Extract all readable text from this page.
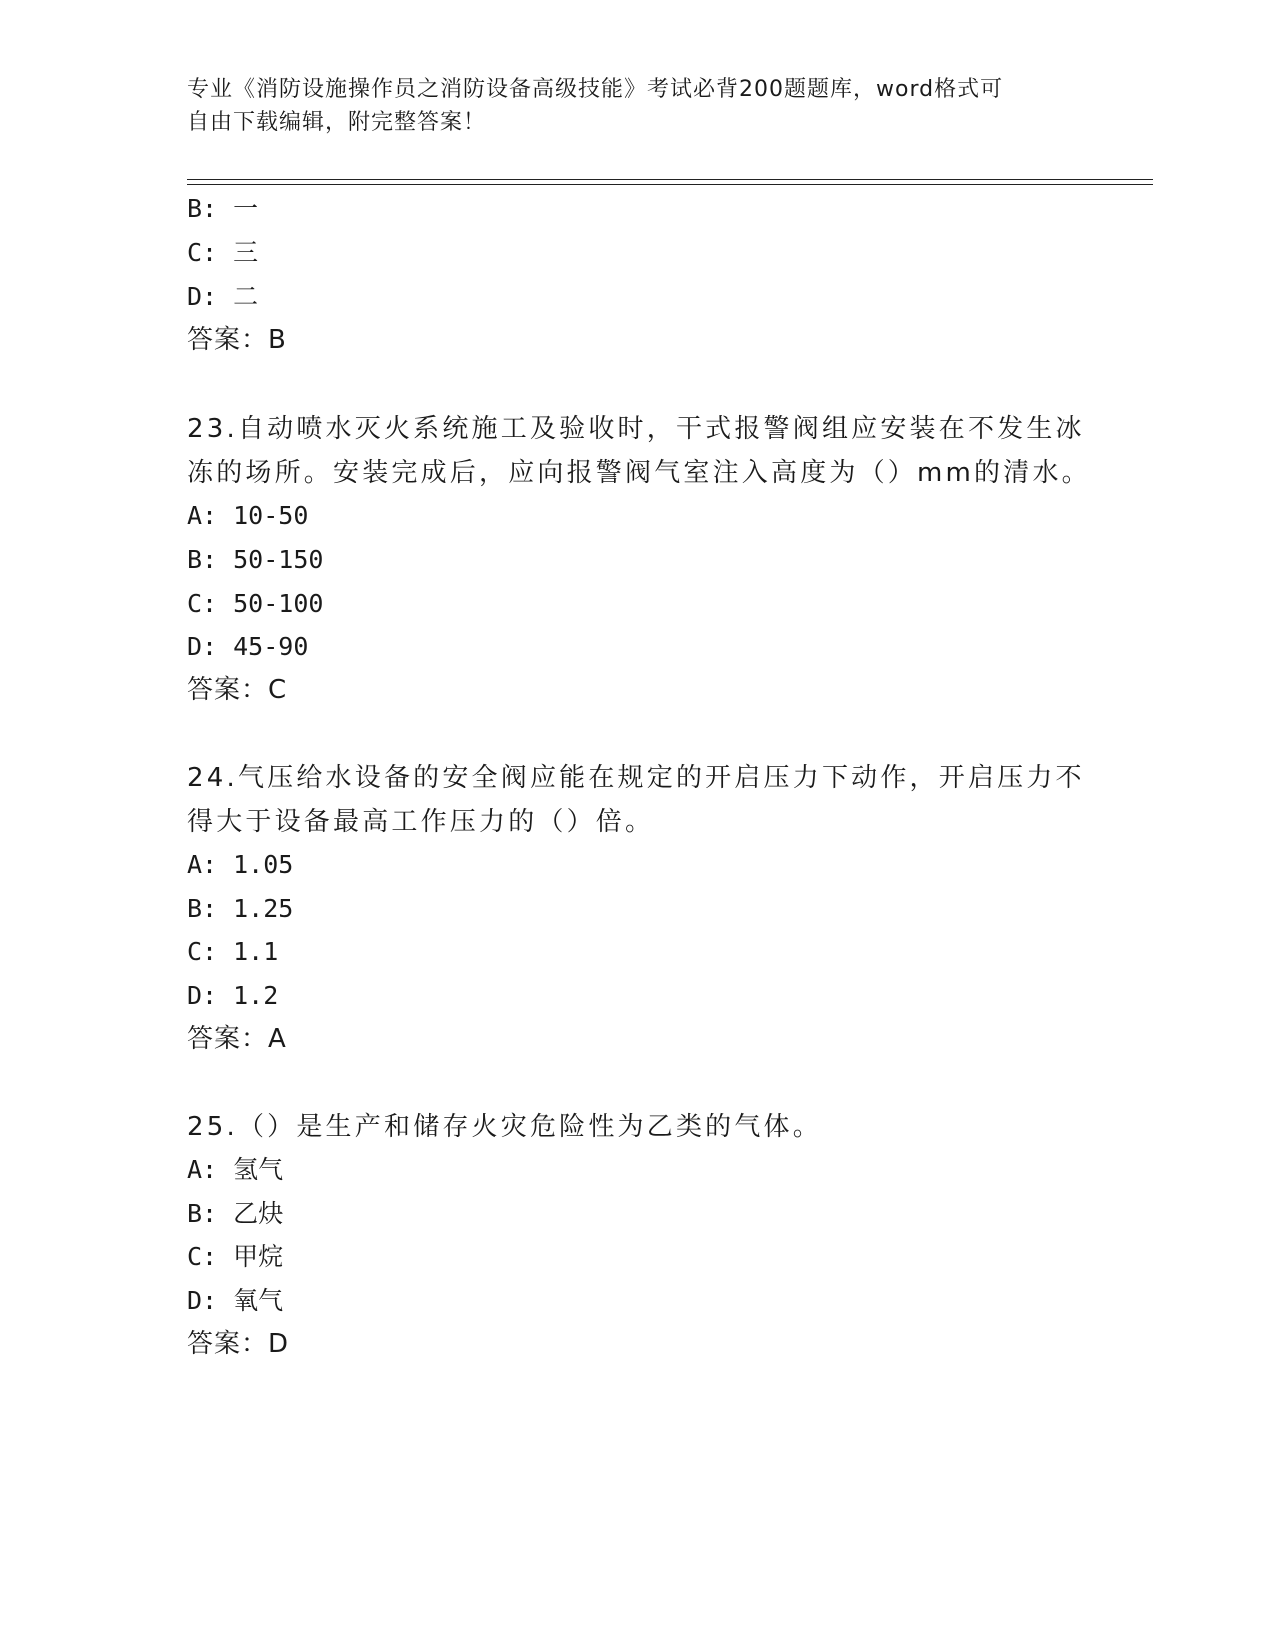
专业《消防设施操作员之消防设备高级技能》考试必背200题题库，word格式可
自由下载编辑，附完整答案！
B: 一
C: 三
D: 二
答案：B
23.自动喷水灭火系统施工及验收时，干式报警阀组应安装在不发生冰
冻的场所。安装完成后，应向报警阀气室注入高度为（）mm的清水。
A: 10-50
B: 50-150
C: 50-100
D: 45-90
答案：C
24.气压给水设备的安全阀应能在规定的开启压力下动作，开启压力不
得大于设备最高工作压力的（）倍。
A: 1.05
B: 1.25
C: 1.1
D: 1.2
答案：A
25.（）是生产和储存火灾危险性为乙类的气体。
A: 氢气
B: 乙炔
C: 甲烷
D: 氧气
答案：D
